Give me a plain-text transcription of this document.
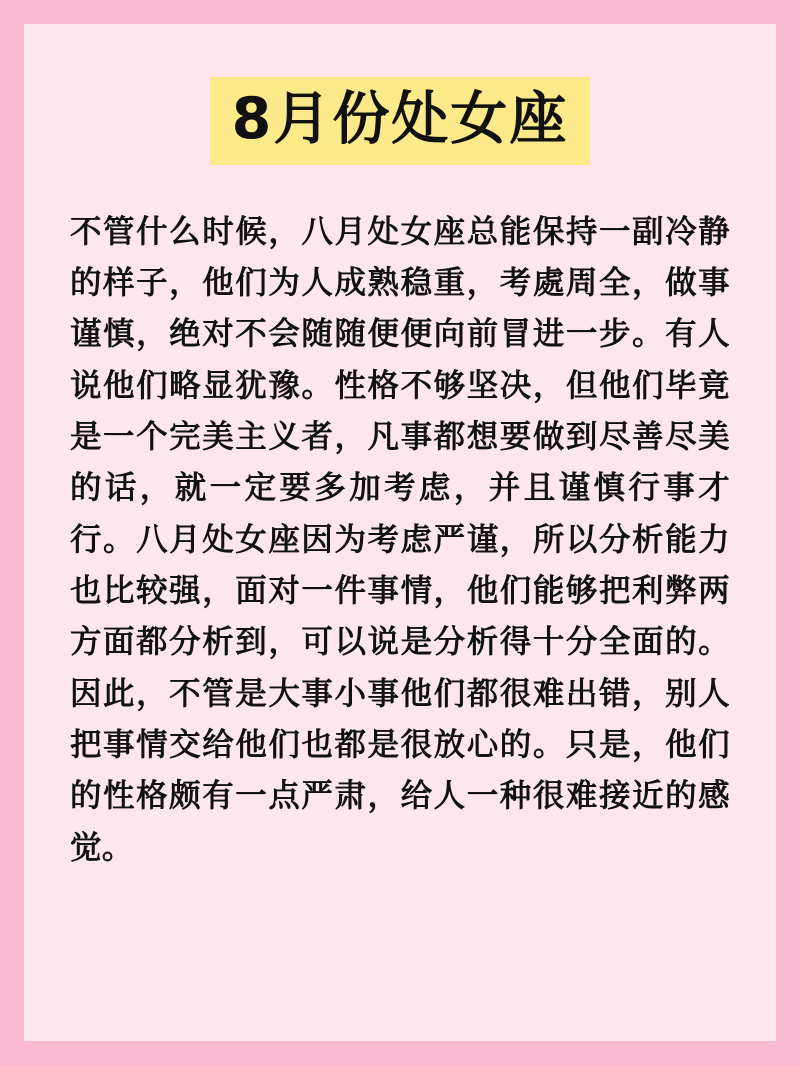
8月份处女座
不管什么时候，八月处女座总能保持一副冷静的样子，他们为人成熟稳重，考處周全，做事谨慎，绝对不会随随便便向前冒进一步。有人说他们略显犹豫。性格不够坚决，但他们毕竟是一个完美主义者，凡事都想要做到尽善尽美的话，就一定要多加考虑，并且谨慎行事才行。八月处女座因为考虑严谨，所以分析能力也比较强，面对一件事情，他们能够把利弊两方面都分析到，可以说是分析得十分全面的。因此，不管是大事小事他们都很难出错，别人把事情交给他们也都是很放心的。只是，他们的性格颇有一点严肃，给人一种很难接近的感觉。
